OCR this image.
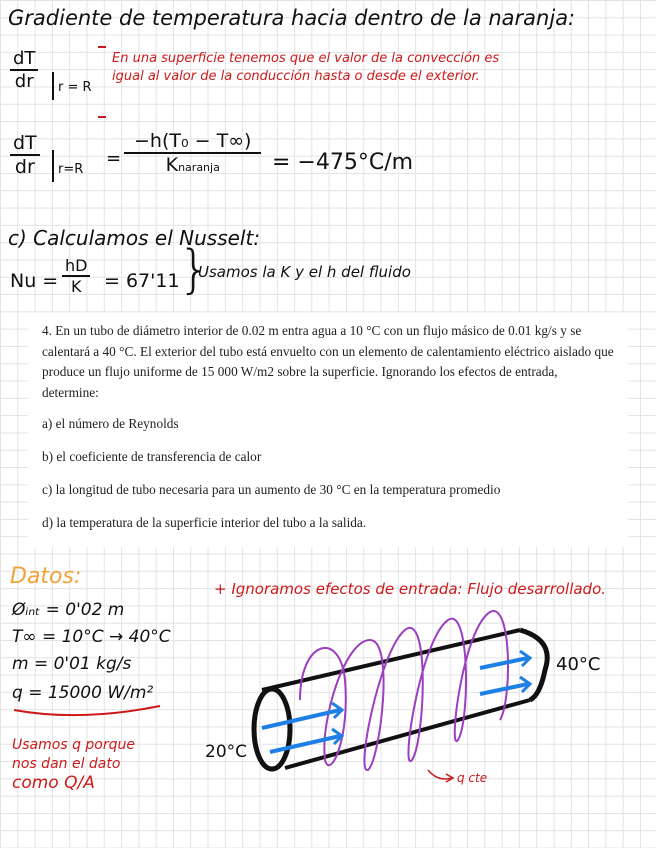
Gradiente de temperatura hacia dentro de la naranja:
$\frac{dT}{dr}$	r = R
En una superficie tenemos que el valor de la convección es
igual al valor de la conducción hasta o desde el exterior.
$\frac{dT}{dr}$	r=R
=
−h(T₀ − T∞)
Knaranja = −475°C/m
c) Calculamos el Nusselt:
$Nu = \frac{hD}{K} = 67'11$
}
Usamos la K y el h del fluido

4. En un tubo de diámetro interior de 0.02 m entra agua a 10 °C con un flujo másico de 0.01 kg/s y se calentará a 40 °C. El exterior del tubo está envuelto con un elemento de calentamiento eléctrico aislado que produce un flujo uniforme de 15 000 W/m2 sobre la superficie. Ignorando los efectos de entrada, determine:

a) el número de Reynolds
b) el coeficiente de transferencia de calor
c) la longitud de tubo necesaria para un aumento de 30 °C en la temperatura promedio
d) la temperatura de la superficie interior del tubo a la salida.
Datos:
Øᵢₙₜ = 0'02 m
T∞ = 10°C → 40°C
m = 0'01 kg/s
q = 15000 W/m²
Usamos q porque
nos dan el dato
como Q/A
+ Ignoramos efectos de entrada: Flujo desarrollado.
20°C
40°C
q cte
